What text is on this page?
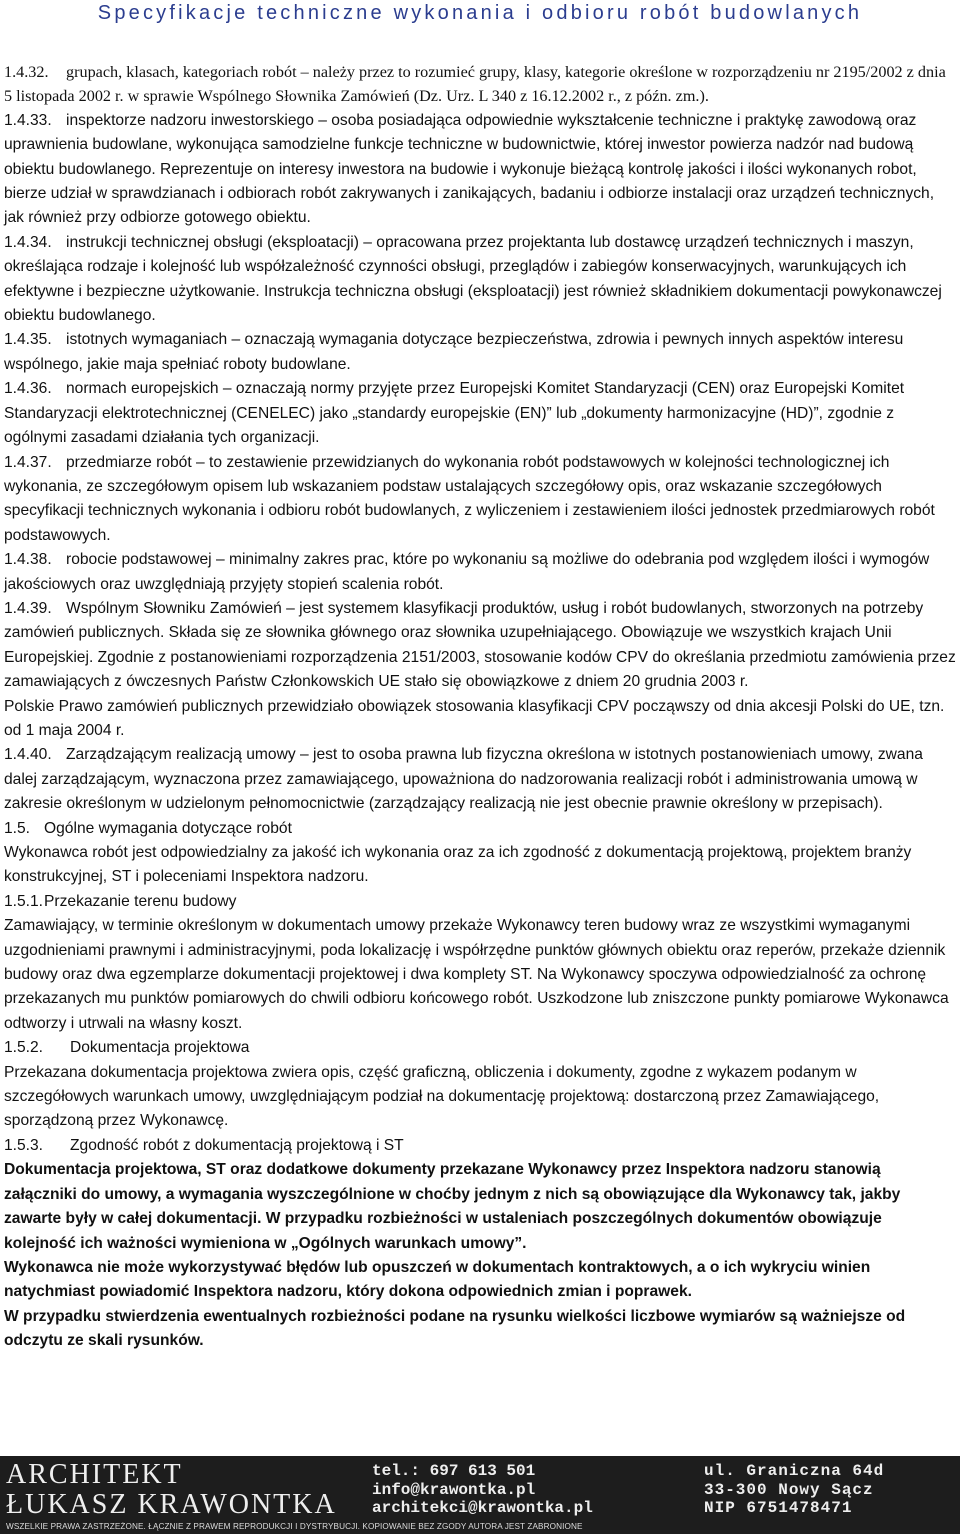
Specyfikacje techniczne wykonania i odbioru robót budowlanych

1.4.32. grupach, klasach, kategoriach robót – należy przez to rozumieć grupy, klasy, kategorie określone w rozporządzeniu nr 2195/2002 z dnia 5 listopada 2002 r. w sprawie Wspólnego Słownika Zamówień (Dz. Urz. L 340 z 16.12.2002 r., z późn. zm.).

1.4.33. inspektorze nadzoru inwestorskiego – osoba posiadająca odpowiednie wykształcenie techniczne i praktykę zawodową oraz uprawnienia budowlane, wykonująca samodzielne funkcje techniczne w budownictwie, której inwestor powierza nadzór nad budową obiektu budowlanego. Reprezentuje on interesy inwestora na budowie i wykonuje bieżącą kontrolę jakości i ilości wykonanych robot, bierze udział w sprawdzianach i odbiorach robót zakrywanych i zanikających, badaniu i odbiorze instalacji oraz urządzeń technicznych, jak również przy odbiorze gotowego obiektu.

1.4.34. instrukcji technicznej obsługi (eksploatacji) – opracowana przez projektanta lub dostawcę urządzeń technicznych i maszyn, określająca rodzaje i kolejność lub współzależność czynności obsługi, przeglądów i zabiegów konserwacyjnych, warunkujących ich efektywne i bezpieczne użytkowanie. Instrukcja techniczna obsługi (eksploatacji) jest również składnikiem dokumentacji powykonawczej obiektu budowlanego.

1.4.35. istotnych wymaganiach – oznaczają wymagania dotyczące bezpieczeństwa, zdrowia i pewnych innych aspektów interesu wspólnego, jakie maja spełniać roboty budowlane.

1.4.36. normach europejskich – oznaczają normy przyjęte przez Europejski Komitet Standaryzacji (CEN) oraz Europejski Komitet Standaryzacji elektrotechnicznej (CENELEC) jako „standardy europejskie (EN)” lub „dokumenty harmonizacyjne (HD)”, zgodnie z ogólnymi zasadami działania tych organizacji.

1.4.37. przedmiarze robót – to zestawienie przewidzianych do wykonania robót podstawowych w kolejności technologicznej ich wykonania, ze szczegółowym opisem lub wskazaniem podstaw ustalających szczegółowy opis, oraz wskazanie szczegółowych specyfikacji technicznych wykonania i odbioru robót budowlanych, z wyliczeniem i zestawieniem ilości jednostek przedmiarowych robót podstawowych.

1.4.38. robocie podstawowej – minimalny zakres prac, które po wykonaniu są możliwe do odebrania pod względem ilości i wymogów jakościowych oraz uwzględniają przyjęty stopień scalenia robót.

1.4.39. Wspólnym Słowniku Zamówień – jest systemem klasyfikacji produktów, usług i robót budowlanych, stworzonych na potrzeby zamówień publicznych. Składa się ze słownika głównego oraz słownika uzupełniającego. Obowiązuje we wszystkich krajach Unii Europejskiej. Zgodnie z postanowieniami rozporządzenia 2151/2003, stosowanie kodów CPV do określania przedmiotu zamówienia przez zamawiających z ówczesnych Państw Członkowskich UE stało się obowiązkowe z dniem 20 grudnia 2003 r.

Polskie Prawo zamówień publicznych przewidziało obowiązek stosowania klasyfikacji CPV począwszy od dnia akcesji Polski do UE, tzn. od 1 maja 2004 r.

1.4.40. Zarządzającym realizacją umowy – jest to osoba prawna lub fizyczna określona w istotnych postanowieniach umowy, zwana dalej zarządzającym, wyznaczona przez zamawiającego, upoważniona do nadzorowania realizacji robót i administrowania umową w zakresie określonym w udzielonym pełnomocnictwie (zarządzający realizacją nie jest obecnie prawnie określony w przepisach).

1.5. Ogólne wymagania dotyczące robót

Wykonawca robót jest odpowiedzialny za jakość ich wykonania oraz za ich zgodność z dokumentacją projektową, projektem branży konstrukcyjnej, ST i poleceniami Inspektora nadzoru.

1.5.1.Przekazanie terenu budowy

Zamawiający, w terminie określonym w dokumentach umowy przekaże Wykonawcy teren budowy wraz ze wszystkimi wymaganymi uzgodnieniami prawnymi i administracyjnymi, poda lokalizację i współrzędne punktów głównych obiektu oraz reperów, przekaże dziennik budowy oraz dwa egzemplarze dokumentacji projektowej i dwa komplety ST. Na Wykonawcy spoczywa odpowiedzialność za ochronę przekazanych mu punktów pomiarowych do chwili odbioru końcowego robót. Uszkodzone lub zniszczone punkty pomiarowe Wykonawca odtworzy i utrwali na własny koszt.

1.5.2. Dokumentacja projektowa

Przekazana dokumentacja projektowa zwiera opis, część graficzną, obliczenia i dokumenty, zgodne z wykazem podanym w szczegółowych warunkach umowy, uwzględniającym podział na dokumentację projektową: dostarczoną przez Zamawiającego, sporządzoną przez Wykonawcę.

1.5.3. Zgodność robót z dokumentacją projektową i ST

Dokumentacja projektowa, ST oraz dodatkowe dokumenty przekazane Wykonawcy przez Inspektora nadzoru stanowią załączniki do umowy, a wymagania wyszczególnione w choćby jednym z nich są obowiązujące dla Wykonawcy tak, jakby zawarte były w całej dokumentacji. W przypadku rozbieżności w ustaleniach poszczególnych dokumentów obowiązuje kolejność ich ważności wymieniona w „Ogólnych warunkach umowy”.

Wykonawca nie może wykorzystywać błędów lub opuszczeń w dokumentach kontraktowych, a o ich wykryciu winien natychmiast powiadomić Inspektora nadzoru, który dokona odpowiednich zmian i poprawek.

W przypadku stwierdzenia ewentualnych rozbieżności podane na rysunku wielkości liczbowe wymiarów są ważniejsze od odczytu ze skali rysunków.

ARCHITEKT
ŁUKASZ KRAWONTKA
WSZELKIE PRAWA ZASTRZEŻONE. ŁĄCZNIE Z PRAWEM REPRODUKCJI I DYSTRYBUCJI. KOPIOWANIE BEZ ZGODY AUTORA JEST ZABRONIONE
tel.: 697 613 501
info@krawontka.pl
architekci@krawontka.pl
ul. Graniczna 64d
33-300 Nowy Sącz
NIP 6751478471
